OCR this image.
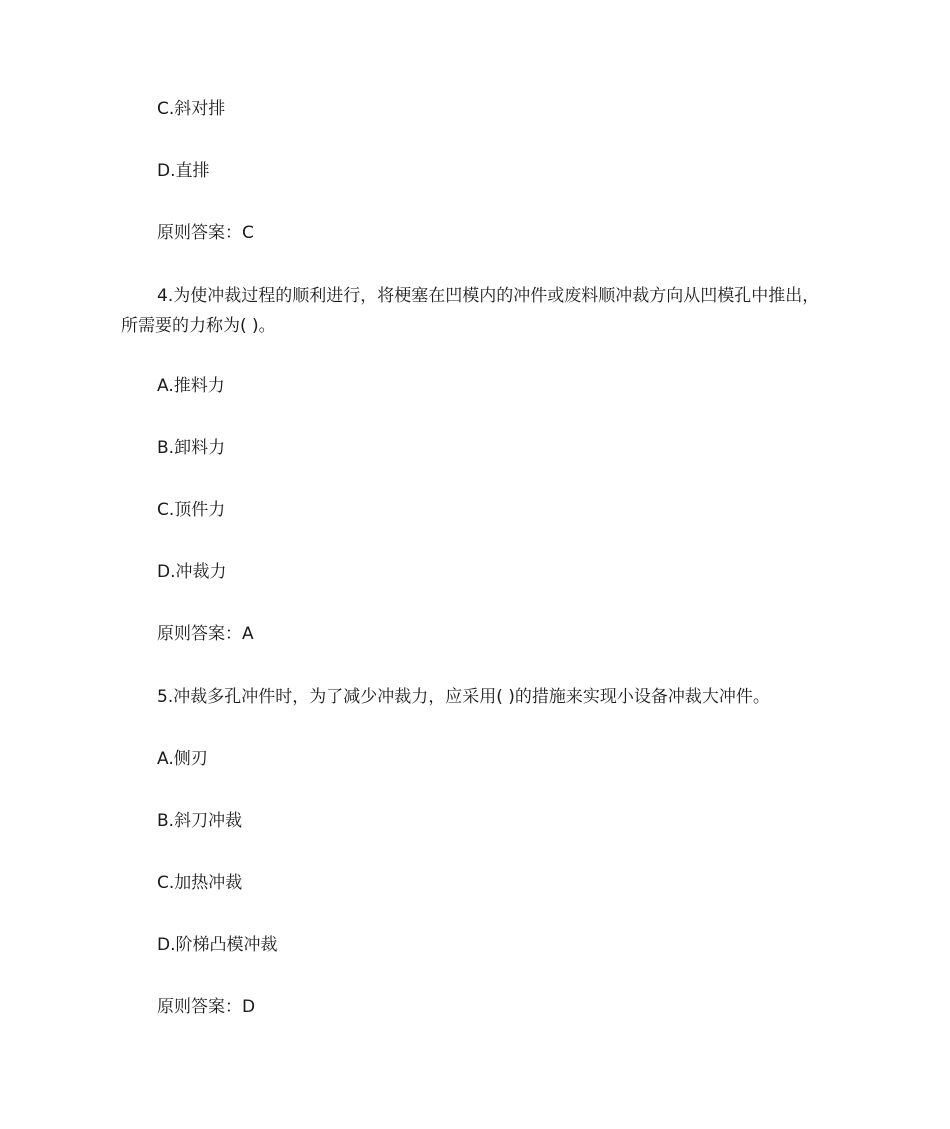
C.斜对排
D.直排
原则答案：C
4.为使冲裁过程的顺利进行，将梗塞在凹模内的冲件或废料顺冲裁方向从凹模孔中推出，所需要的力称为( )。
A.推料力
B.卸料力
C.顶件力
D.冲裁力
原则答案：A
5.冲裁多孔冲件时，为了减少冲裁力，应采用( )的措施来实现小设备冲裁大冲件。
A.侧刃
B.斜刀冲裁
C.加热冲裁
D.阶梯凸模冲裁
原则答案：D
